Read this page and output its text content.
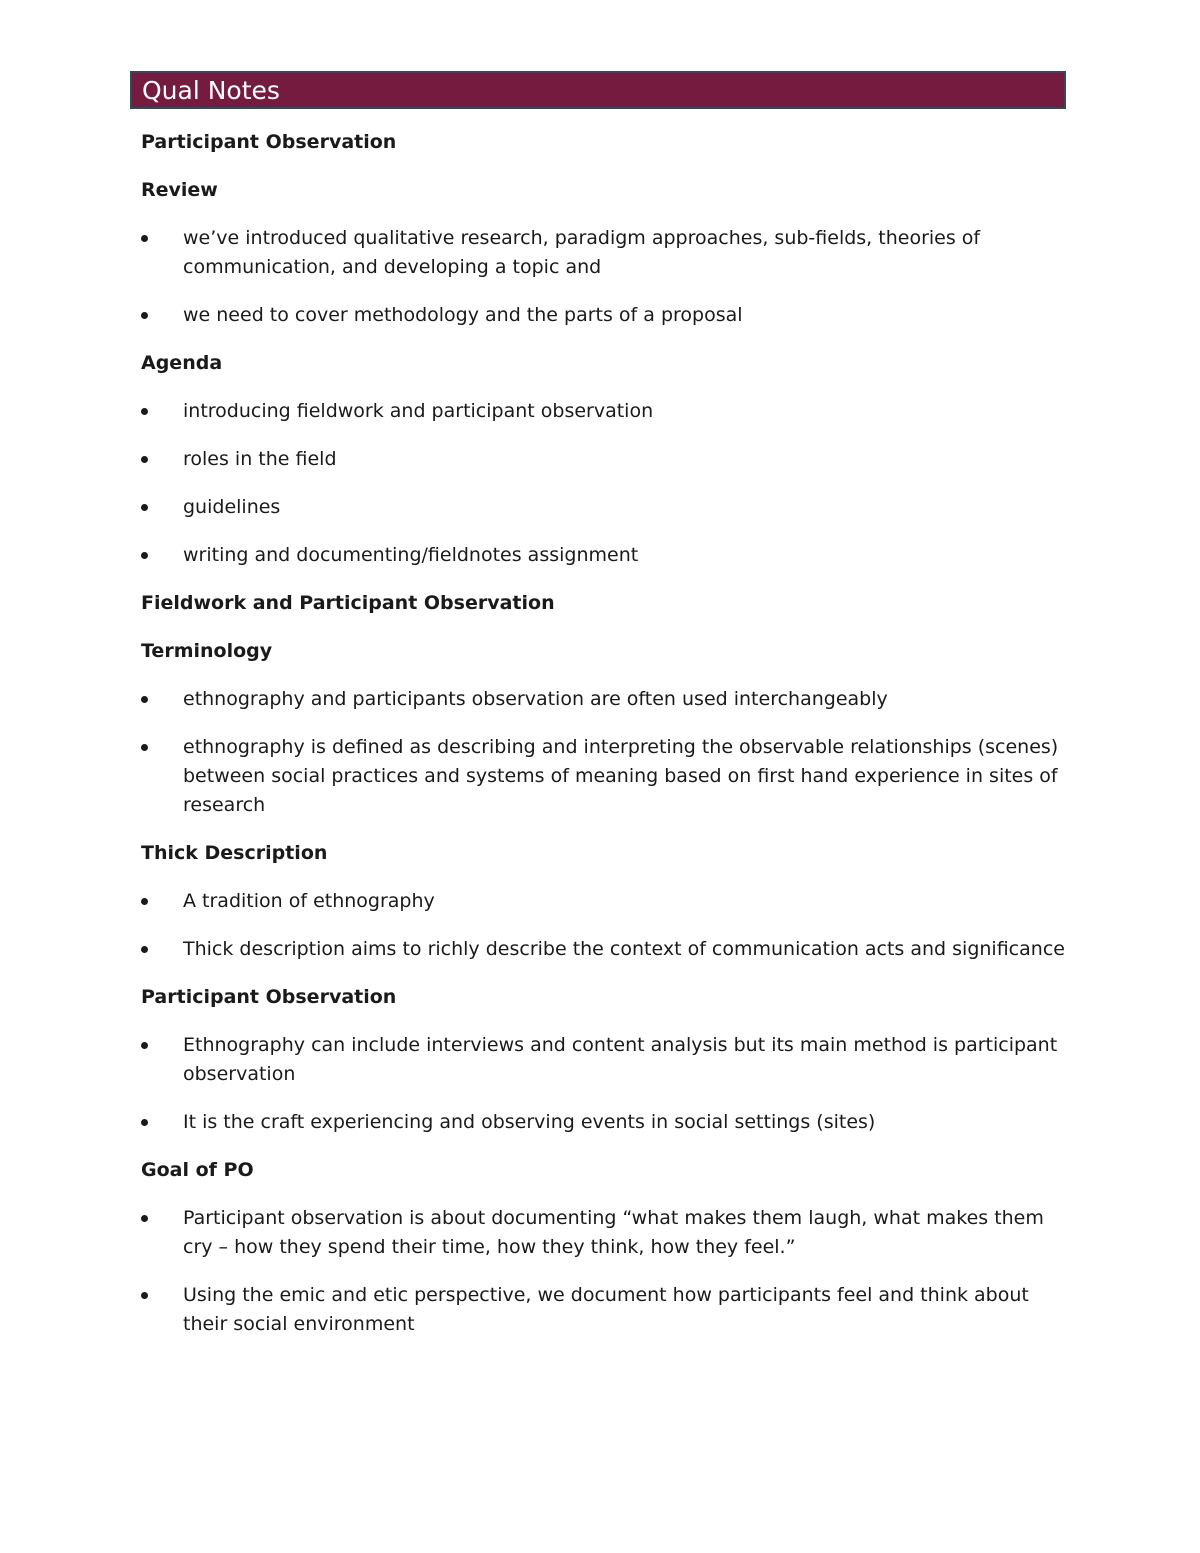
Qual Notes
Participant Observation
Review
we’ve introduced qualitative research, paradigm approaches, sub-fields, theories of communication, and developing a topic and
we need to cover methodology and the parts of a proposal
Agenda
introducing fieldwork and participant observation
roles in the field
guidelines
writing and documenting/fieldnotes assignment
Fieldwork and Participant Observation
Terminology
ethnography and participants observation are often used interchangeably
ethnography is defined as describing and interpreting the observable relationships (scenes) between social practices and systems of meaning based on first hand experience in sites of research
Thick Description
A tradition of ethnography
Thick description aims to richly describe the context of communication acts and significance
Participant Observation
Ethnography can include interviews and content analysis but its main method is participant observation
It is the craft experiencing and observing events in social settings (sites)
Goal of PO
Participant observation is about documenting “what makes them laugh, what makes them cry – how they spend their time, how they think, how they feel.”
Using the emic and etic perspective, we document how participants feel and think about their social environment
